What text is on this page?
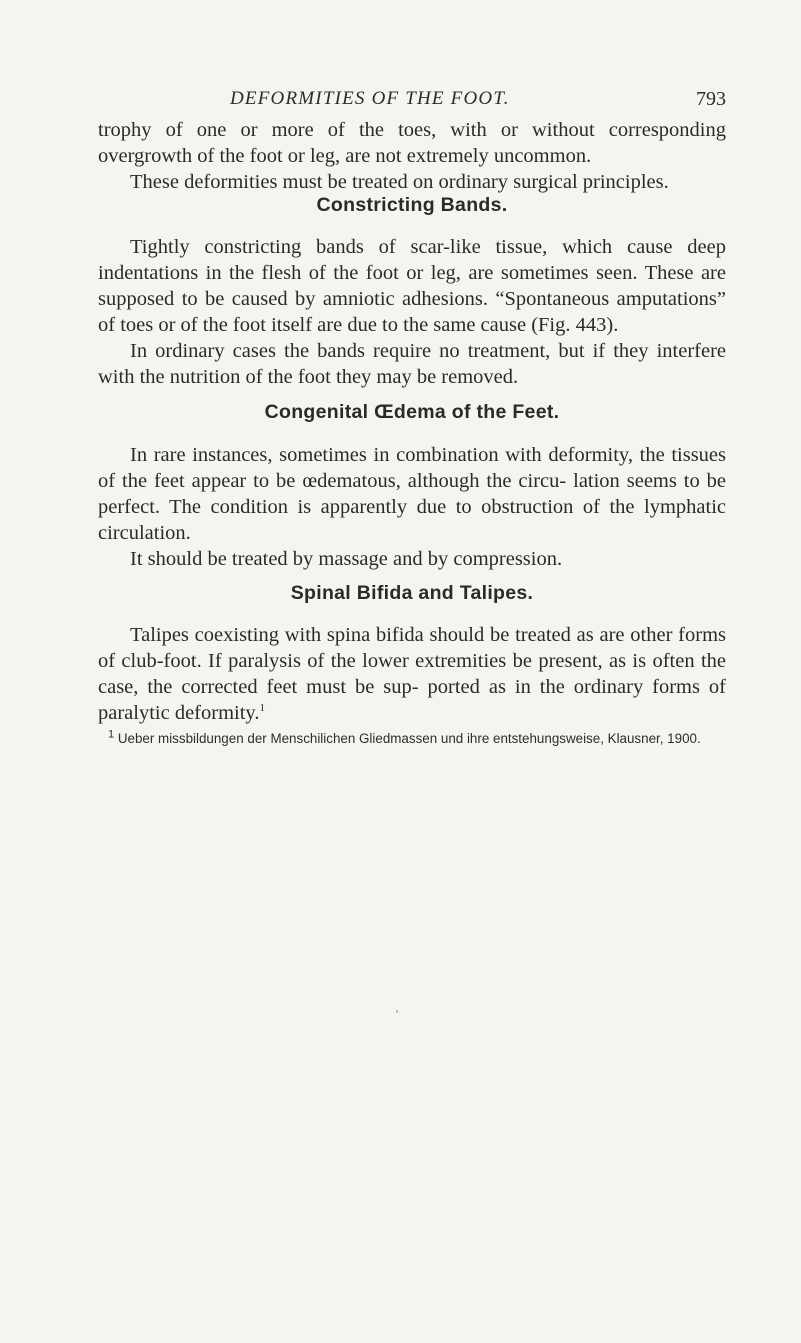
DEFORMITIES OF THE FOOT.	793

trophy of one or more of the toes, with or without corresponding overgrowth of the foot or leg, are not extremely uncommon.

These deformities must be treated on ordinary surgical principles.

Constricting Bands.

Tightly constricting bands of scar-like tissue, which cause deep indentations in the flesh of the foot or leg, are sometimes seen. These are supposed to be caused by amniotic adhesions. “Spontaneous amputations” of toes or of the foot itself are due to the same cause (Fig. 443).

In ordinary cases the bands require no treatment, but if they interfere with the nutrition of the foot they may be removed.

Congenital Œdema of the Feet.

In rare instances, sometimes in combination with deformity, the tissues of the feet appear to be œdematous, although the circu- lation seems to be perfect. The condition is apparently due to obstruction of the lymphatic circulation.

It should be treated by massage and by compression.

Spinal Bifida and Talipes.

Talipes coexisting with spina bifida should be treated as are other forms of club-foot. If paralysis of the lower extremities be present, as is often the case, the corrected feet must be sup- ported as in the ordinary forms of paralytic deformity.$^1$

$^1$ Ueber missbildungen der Menschilichen Gliedmassen und ihre entstehungsweise, Klausner, 1900.
